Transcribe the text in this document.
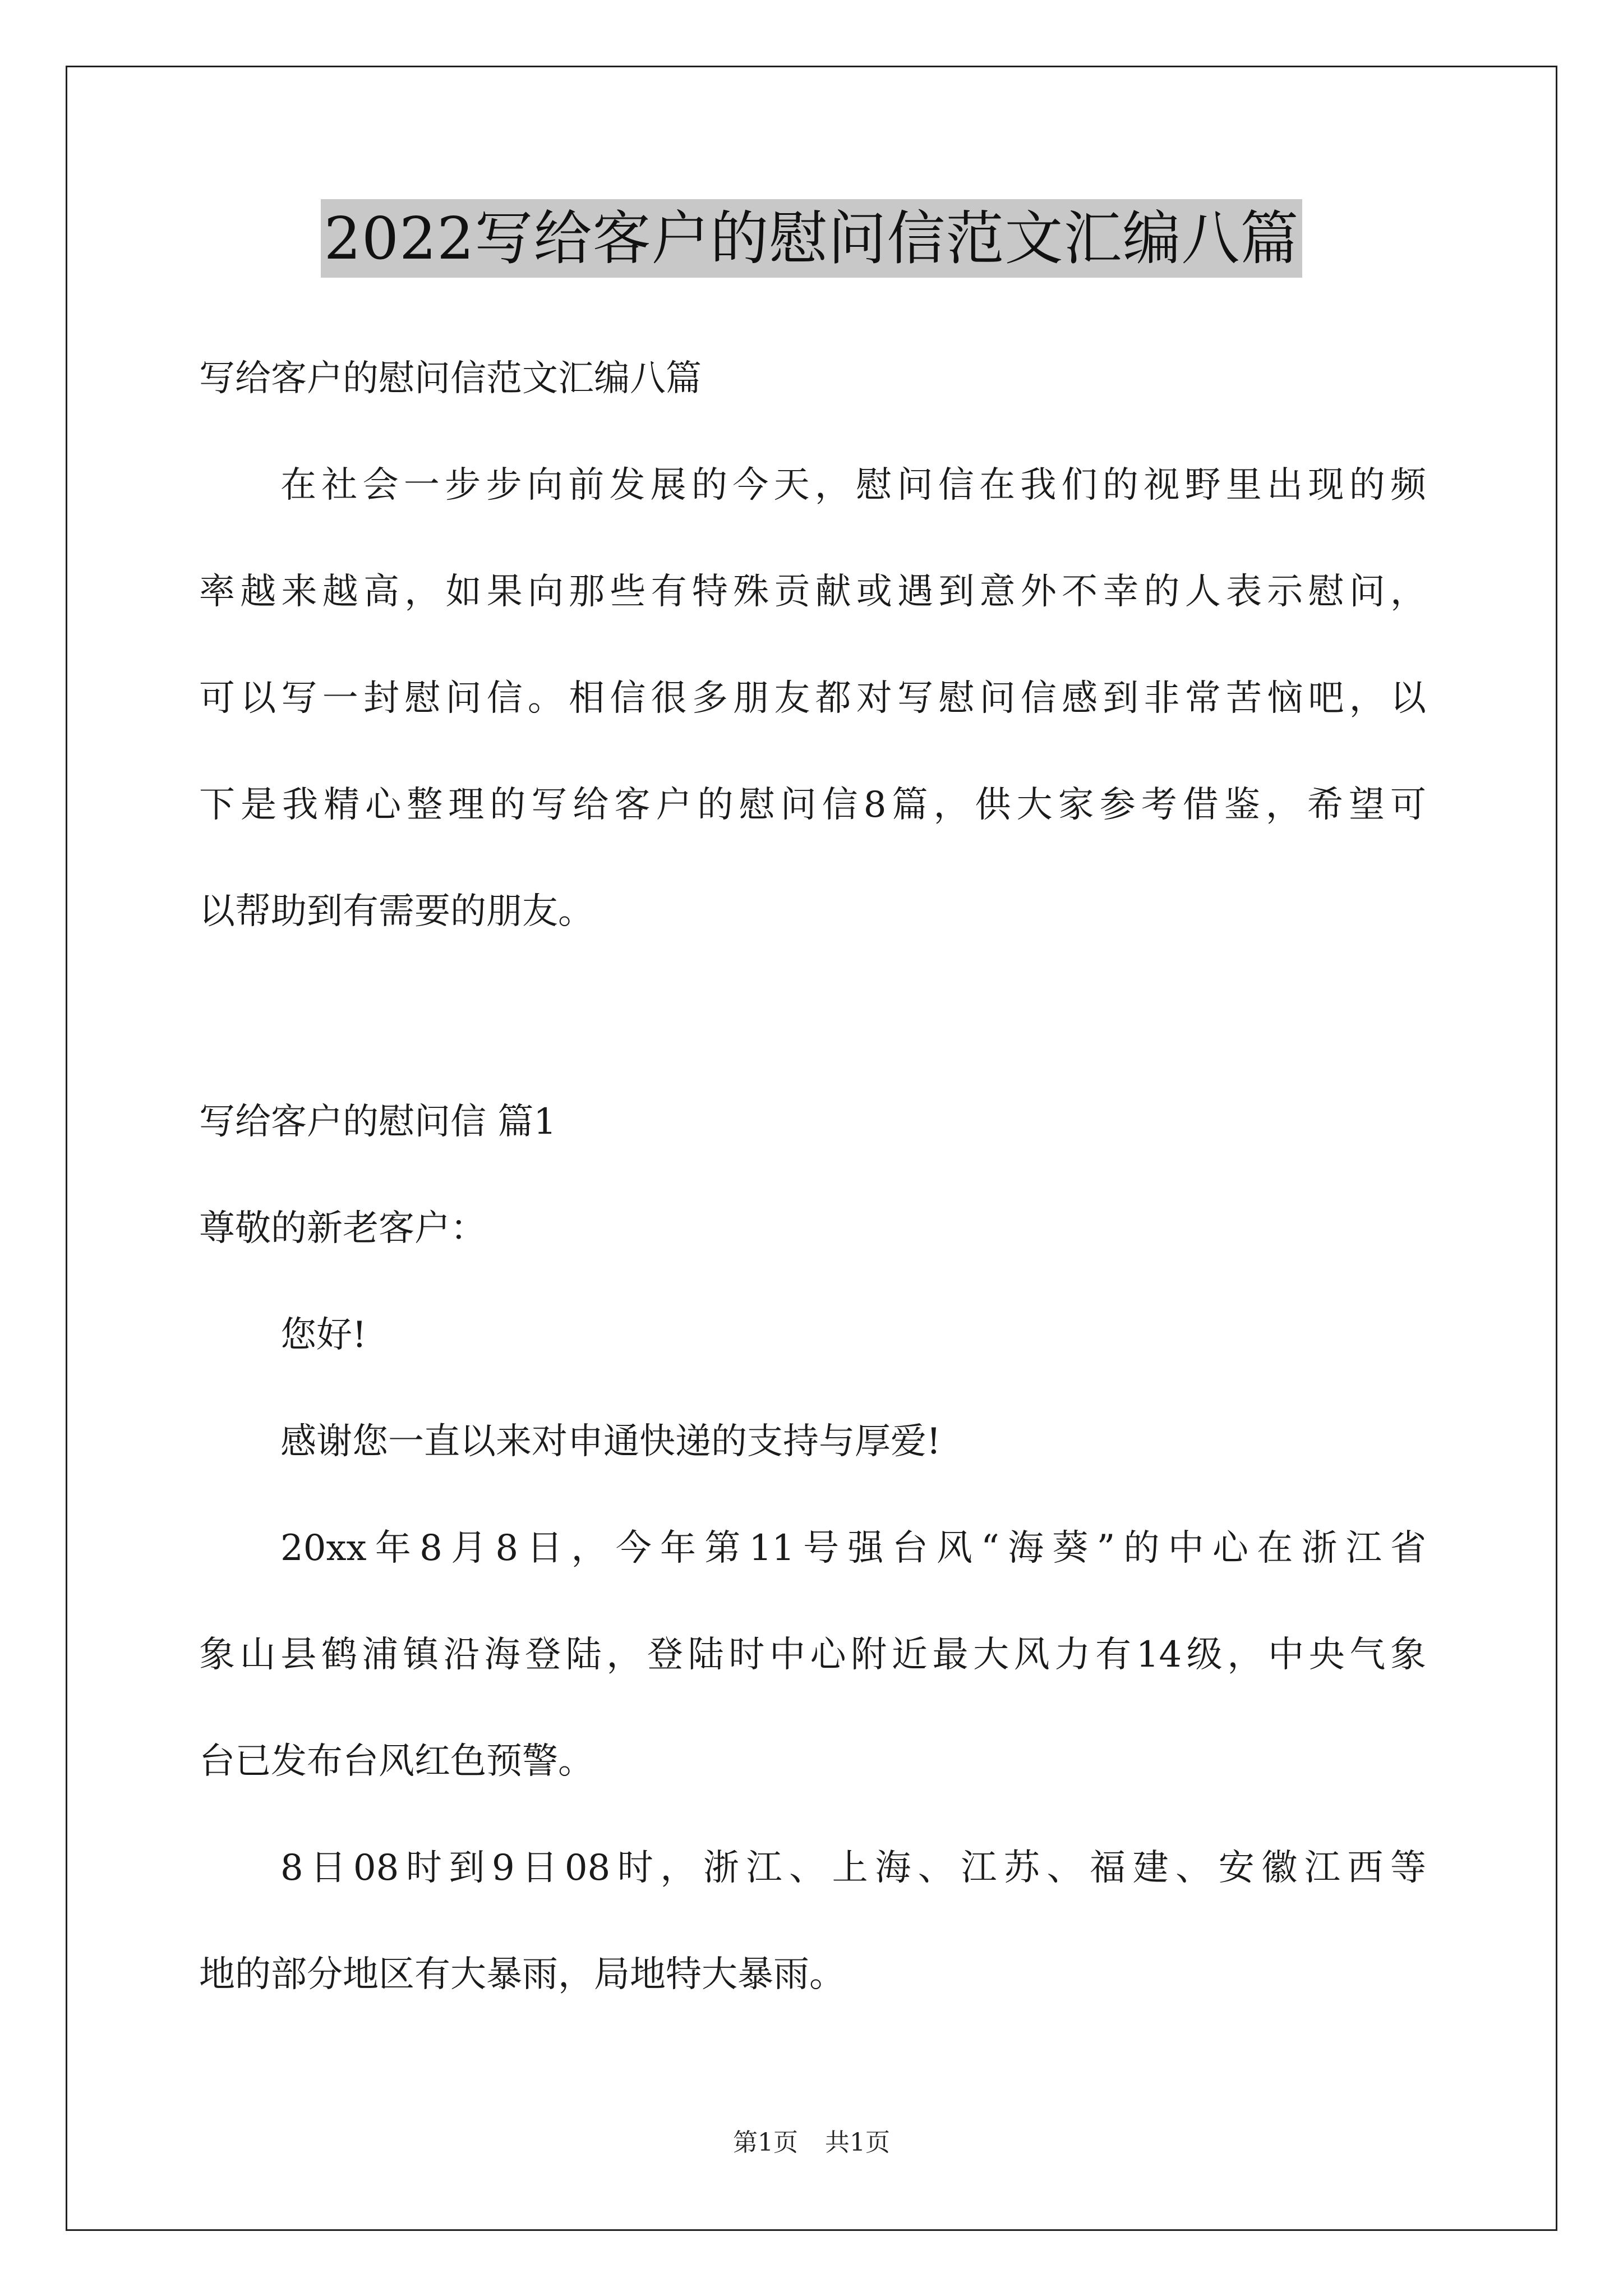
2022写给客户的慰问信范文汇编八篇
写给客户的慰问信范文汇编八篇
在社会一步步向前发展的今天，慰问信在我们的视野里出现的频
率越来越高，如果向那些有特殊贡献或遇到意外不幸的人表示慰问，
可以写一封慰问信。相信很多朋友都对写慰问信感到非常苦恼吧，以
下是我精心整理的写给客户的慰问信8篇，供大家参考借鉴，希望可
以帮助到有需要的朋友。
写给客户的慰问信 篇1
尊敬的新老客户：
您好!
感谢您一直以来对申通快递的支持与厚爱!
20xx年8月8日，今年第11号强台风“海葵”的中心在浙江省
象山县鹤浦镇沿海登陆，登陆时中心附近最大风力有14级，中央气象
台已发布台风红色预警。
8日08时到9日08时，浙江、上海、江苏、福建、安徽江西等
地的部分地区有大暴雨，局地特大暴雨。
第1页 共1页
